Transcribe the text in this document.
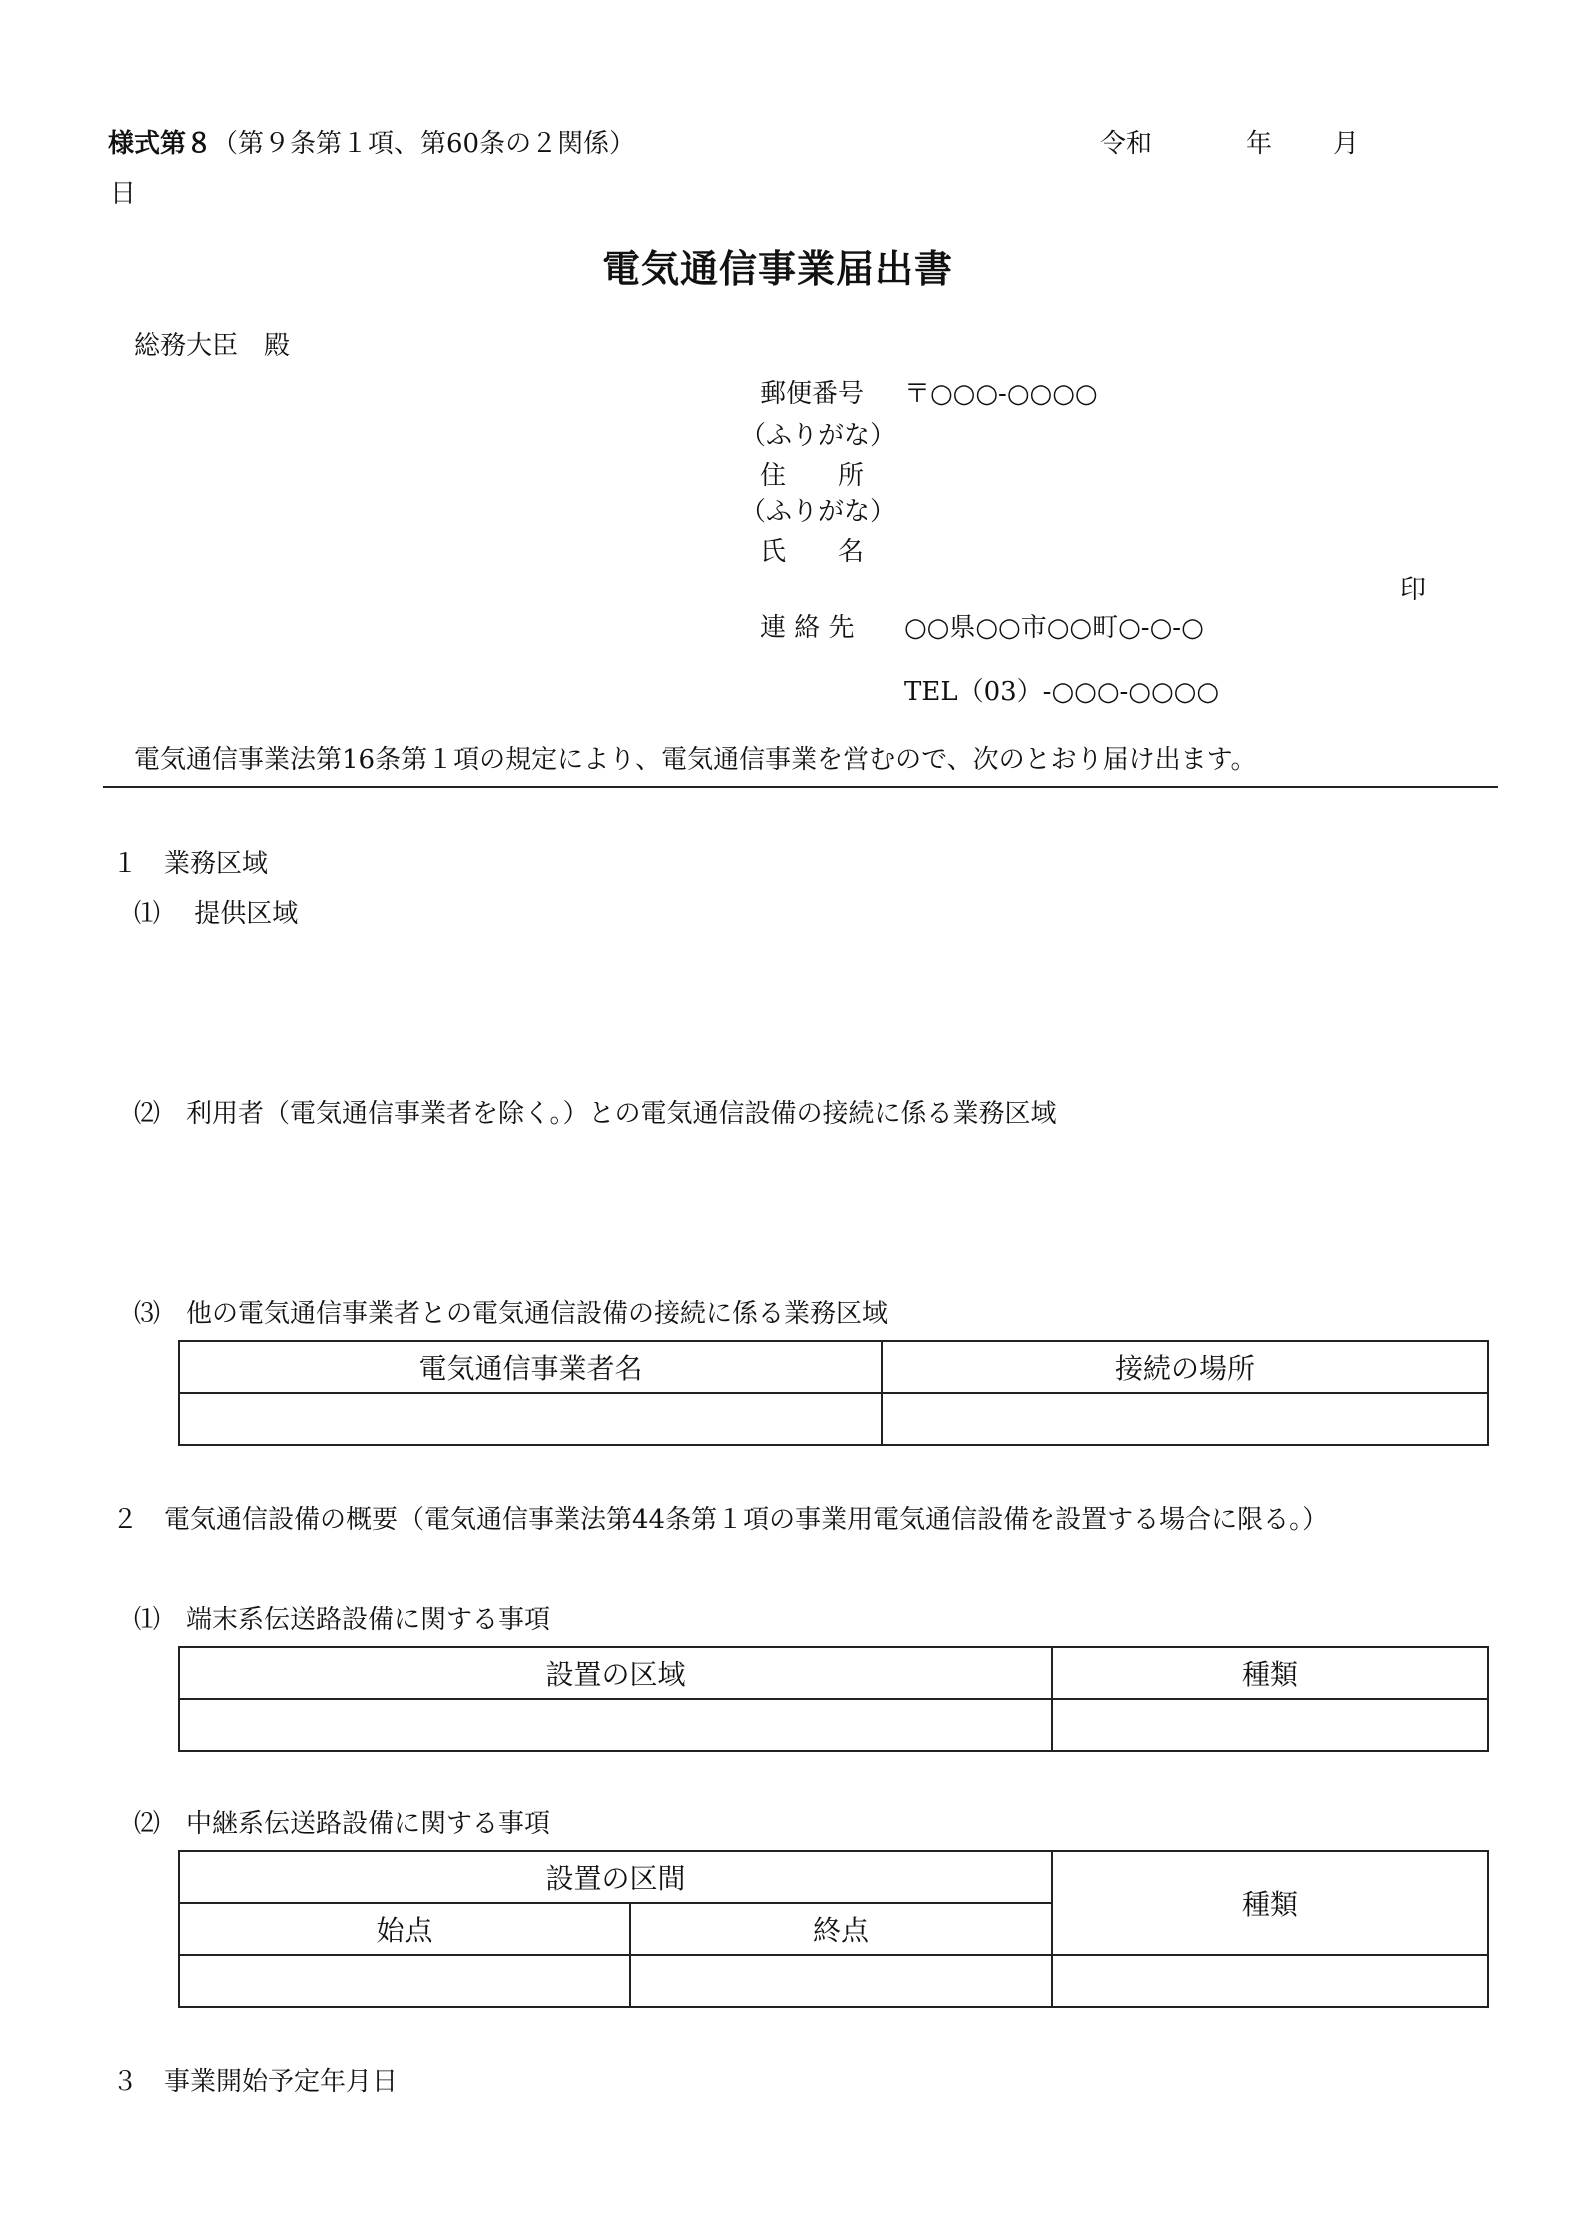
様式第８（第９条第１項、第60条の２関係）	令和	年 月
日
電気通信事業届出書
総務大臣　殿
郵便番号 〒○○○-○○○○
（ふりがな）
住　　所
（ふりがな）
氏　　名
印
連 絡 先 ○○県○○市○○町○-○-○
TEL（03）-○○○-○○○○
電気通信事業法第16条第１項の規定により、電気通信事業を営むので、次のとおり届け出ます。
１　業務区域
⑴　 提供区域
⑵　利用者（電気通信事業者を除く。）との電気通信設備の接続に係る業務区域
⑶　他の電気通信事業者との電気通信設備の接続に係る業務区域
電気通信事業者名	接続の場所

２　電気通信設備の概要（電気通信事業法第44条第１項の事業用電気通信設備を設置する場合に限る。）
⑴　端末系伝送路設備に関する事項
設置の区域	種類

⑵　中継系伝送路設備に関する事項
設置の区間		種類
始点	終点	

３　事業開始予定年月日
